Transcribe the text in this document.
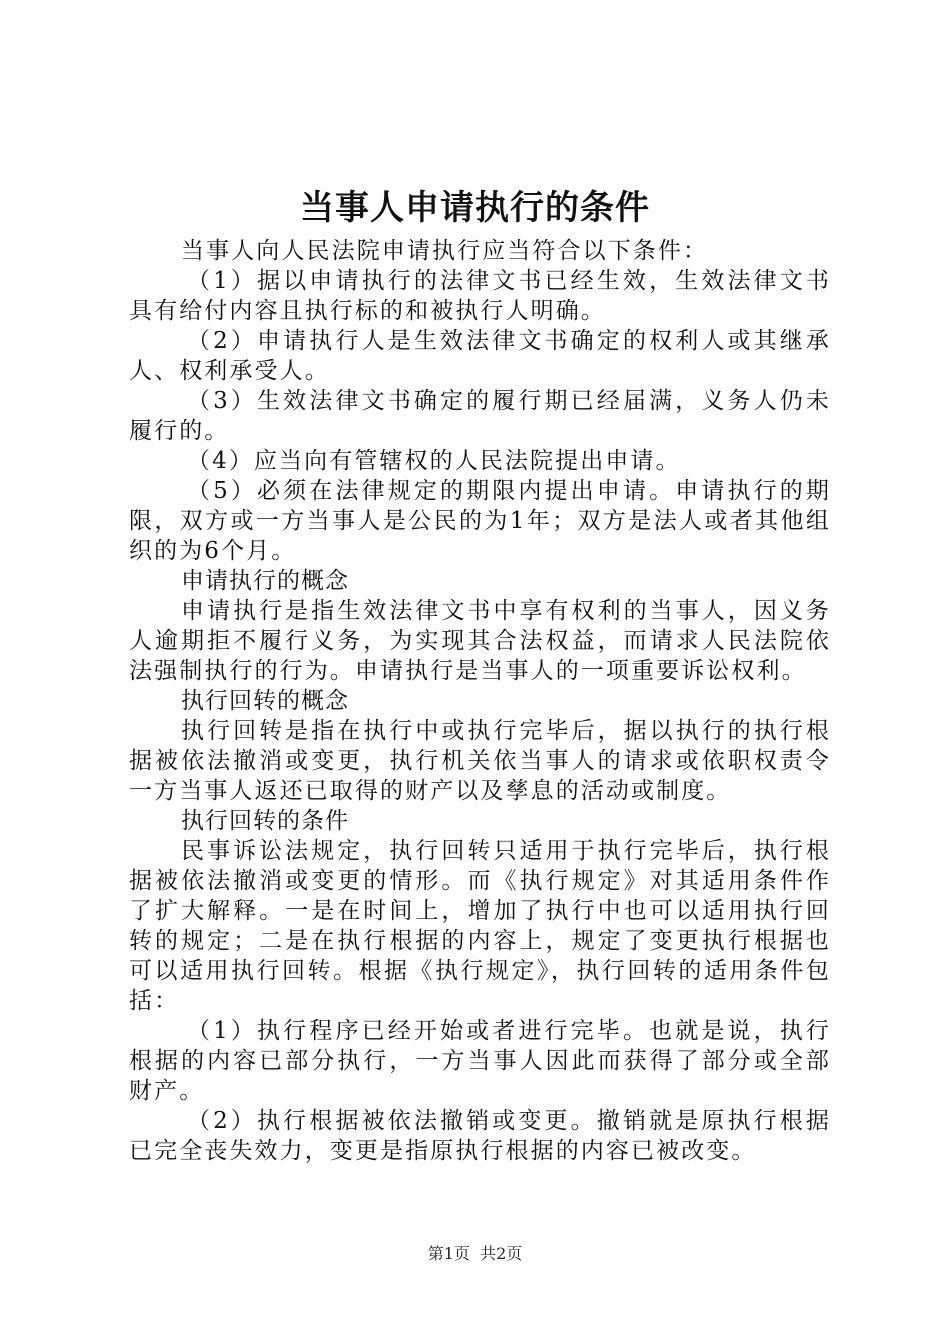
当事人申请执行的条件

当事人向人民法院申请执行应当符合以下条件：

（1）据以申请执行的法律文书已经生效，生效法律文书具有给付内容且执行标的和被执行人明确。

（2）申请执行人是生效法律文书确定的权利人或其继承人、权利承受人。

（3）生效法律文书确定的履行期已经届满，义务人仍未履行的。

（4）应当向有管辖权的人民法院提出申请。

（5）必须在法律规定的期限内提出申请。申请执行的期限，双方或一方当事人是公民的为1年；双方是法人或者其他组织的为6个月。

申请执行的概念

申请执行是指生效法律文书中享有权利的当事人，因义务人逾期拒不履行义务，为实现其合法权益，而请求人民法院依法强制执行的行为。申请执行是当事人的一项重要诉讼权利。

执行回转的概念

执行回转是指在执行中或执行完毕后，据以执行的执行根据被依法撤消或变更，执行机关依当事人的请求或依职权责令一方当事人返还已取得的财产以及孳息的活动或制度。

执行回转的条件

民事诉讼法规定，执行回转只适用于执行完毕后，执行根据被依法撤消或变更的情形。而《执行规定》对其适用条件作了扩大解释。一是在时间上，增加了执行中也可以适用执行回转的规定；二是在执行根据的内容上，规定了变更执行根据也可以适用执行回转。根据《执行规定》，执行回转的适用条件包括：

（1）执行程序已经开始或者进行完毕。也就是说，执行根据的内容已部分执行，一方当事人因此而获得了部分或全部财产。

（2）执行根据被依法撤销或变更。撤销就是原执行根据已完全丧失效力，变更是指原执行根据的内容已被改变。

第1页 共2页
